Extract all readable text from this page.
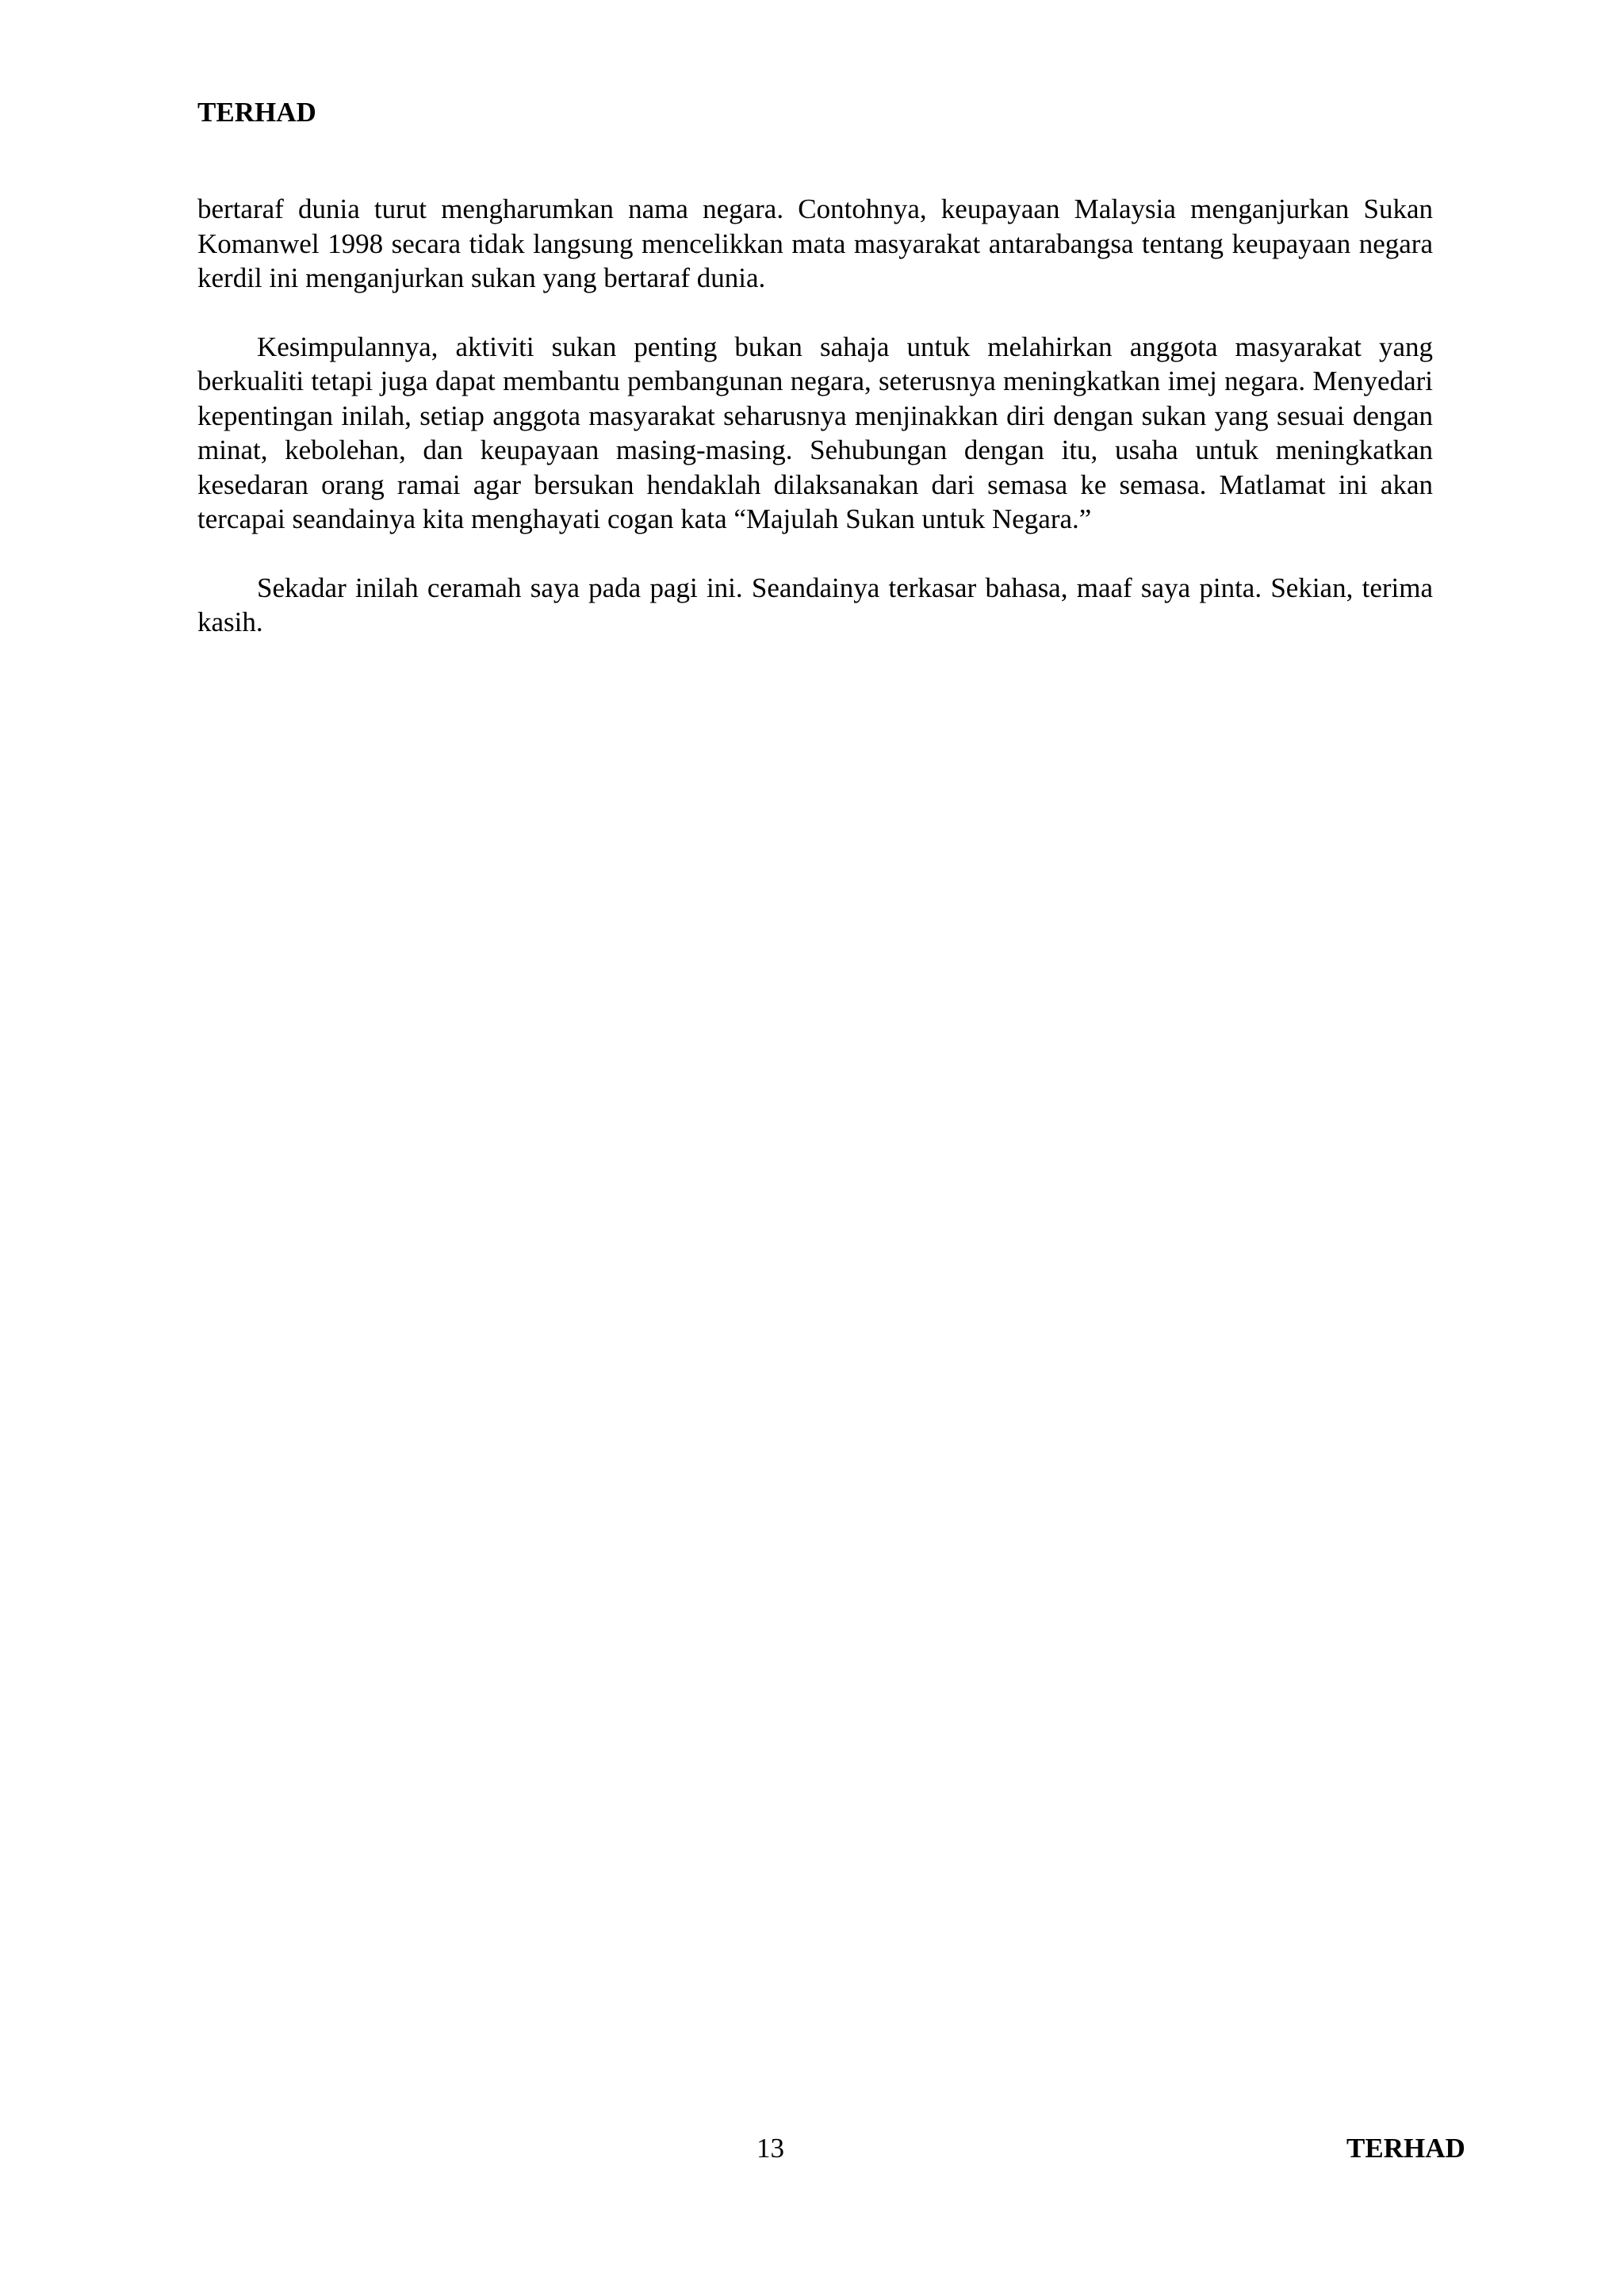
TERHAD

bertaraf dunia turut mengharumkan nama negara. Contohnya, keupayaan Malaysia menganjurkan Sukan Komanwel 1998 secara tidak langsung mencelikkan mata masyarakat antarabangsa tentang keupayaan negara kerdil ini menganjurkan sukan yang bertaraf dunia.

Kesimpulannya, aktiviti sukan penting bukan sahaja untuk melahirkan anggota masyarakat yang berkualiti tetapi juga dapat membantu pembangunan negara, seterusnya meningkatkan imej negara. Menyedari kepentingan inilah, setiap anggota masyarakat seharusnya menjinakkan diri dengan sukan yang sesuai dengan minat, kebolehan, dan keupayaan masing-masing. Sehubungan dengan itu, usaha untuk meningkatkan kesedaran orang ramai agar bersukan hendaklah dilaksanakan dari semasa ke semasa. Matlamat ini akan tercapai seandainya kita menghayati cogan kata “Majulah Sukan untuk Negara.”

Sekadar inilah ceramah saya pada pagi ini. Seandainya terkasar bahasa, maaf saya pinta. Sekian, terima kasih.

13	TERHAD
